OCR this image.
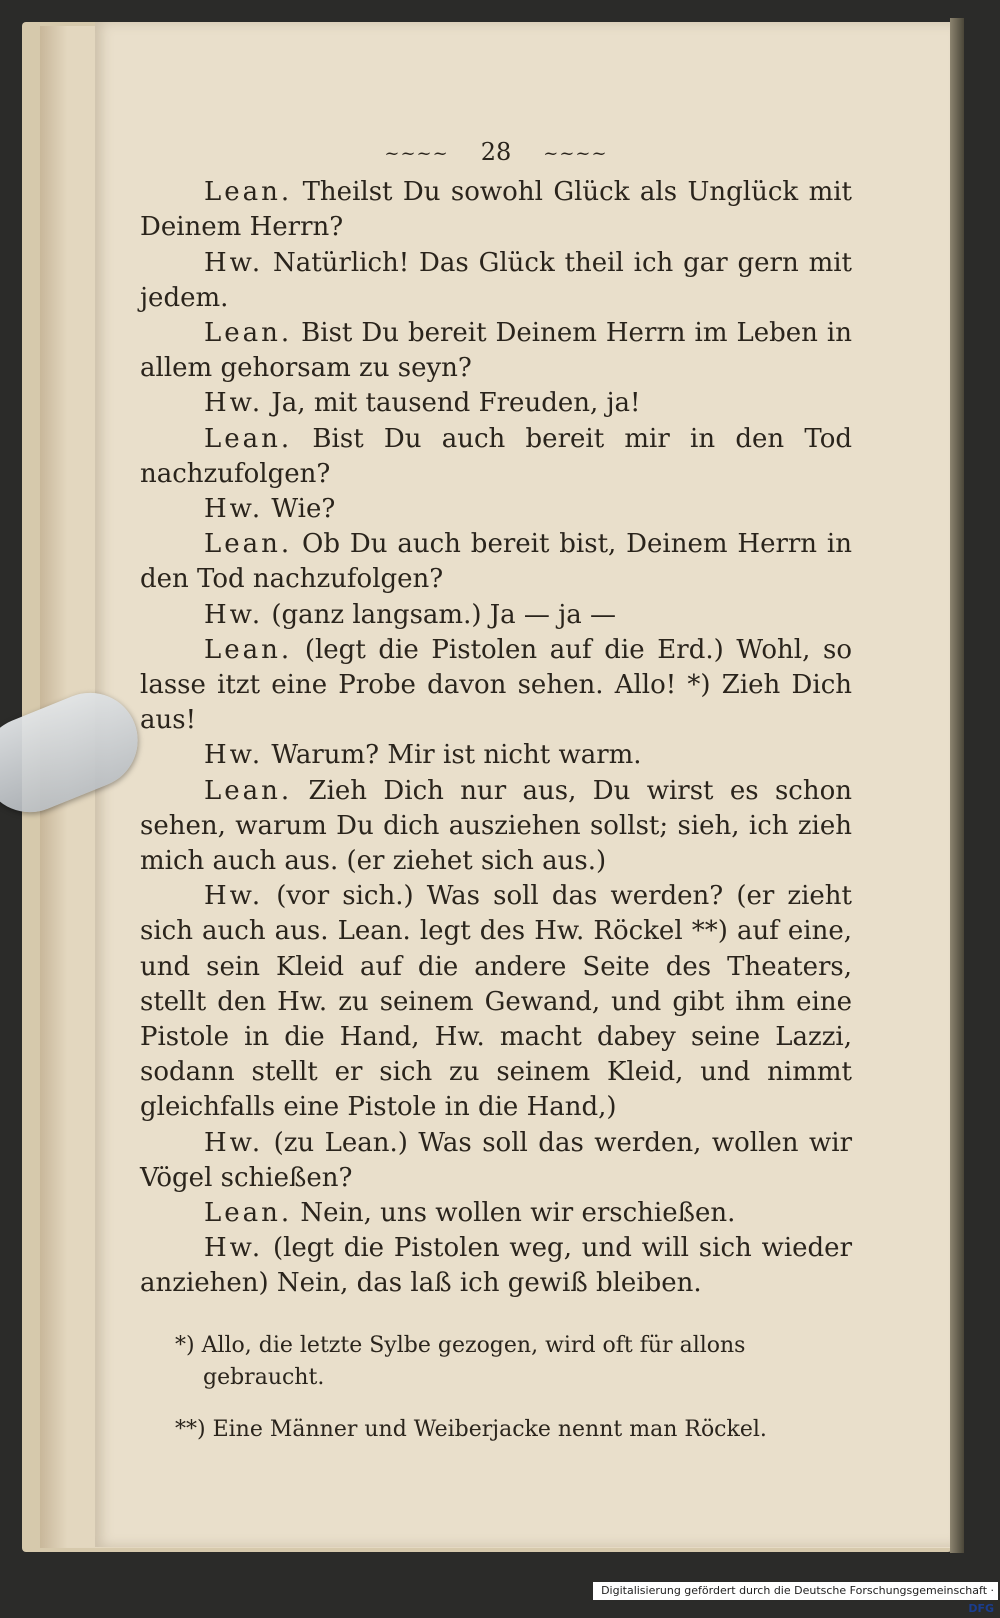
~~~~ 28 ~~~~

Lean. Theilst Du sowohl Glück als Unglück mit Deinem Herrn?

Hw. Natürlich! Das Glück theil ich gar gern mit jedem.

Lean. Bist Du bereit Deinem Herrn im Leben in allem gehorsam zu seyn?

Hw. Ja, mit tausend Freuden, ja!

Lean. Bist Du auch bereit mir in den Tod nachzufolgen?

Hw. Wie?

Lean. Ob Du auch bereit bist, Deinem Herrn in den Tod nachzufolgen?

Hw. (ganz langsam.) Ja — ja —

Lean. (legt die Pistolen auf die Erd.) Wohl, so lasse itzt eine Probe davon sehen. Allo! *) Zieh Dich aus!

Hw. Warum? Mir ist nicht warm.

Lean. Zieh Dich nur aus, Du wirst es schon sehen, warum Du dich ausziehen sollst; sieh, ich zieh mich auch aus. (er ziehet sich aus.)

Hw. (vor sich.) Was soll das werden? (er zieht sich auch aus. Lean. legt des Hw. Röckel **) auf eine, und sein Kleid auf die andere Seite des Theaters, stellt den Hw. zu seinem Gewand, und gibt ihm eine Pistole in die Hand, Hw. macht dabey seine Lazzi, sodann stellt er sich zu seinem Kleid, und nimmt gleichfalls eine Pistole in die Hand,)

Hw. (zu Lean.) Was soll das werden, wollen wir Vögel schießen?

Lean. Nein, uns wollen wir erschießen.

Hw. (legt die Pistolen weg, und will sich wieder anziehen) Nein, das laß ich gewiß bleiben.

*) Allo, die letzte Sylbe gezogen, wird oft für allons gebraucht.

**) Eine Männer und Weiberjacke nennt man Röckel.

Digitalisierung gefördert durch die Deutsche Forschungsgemeinschaft · DFG
